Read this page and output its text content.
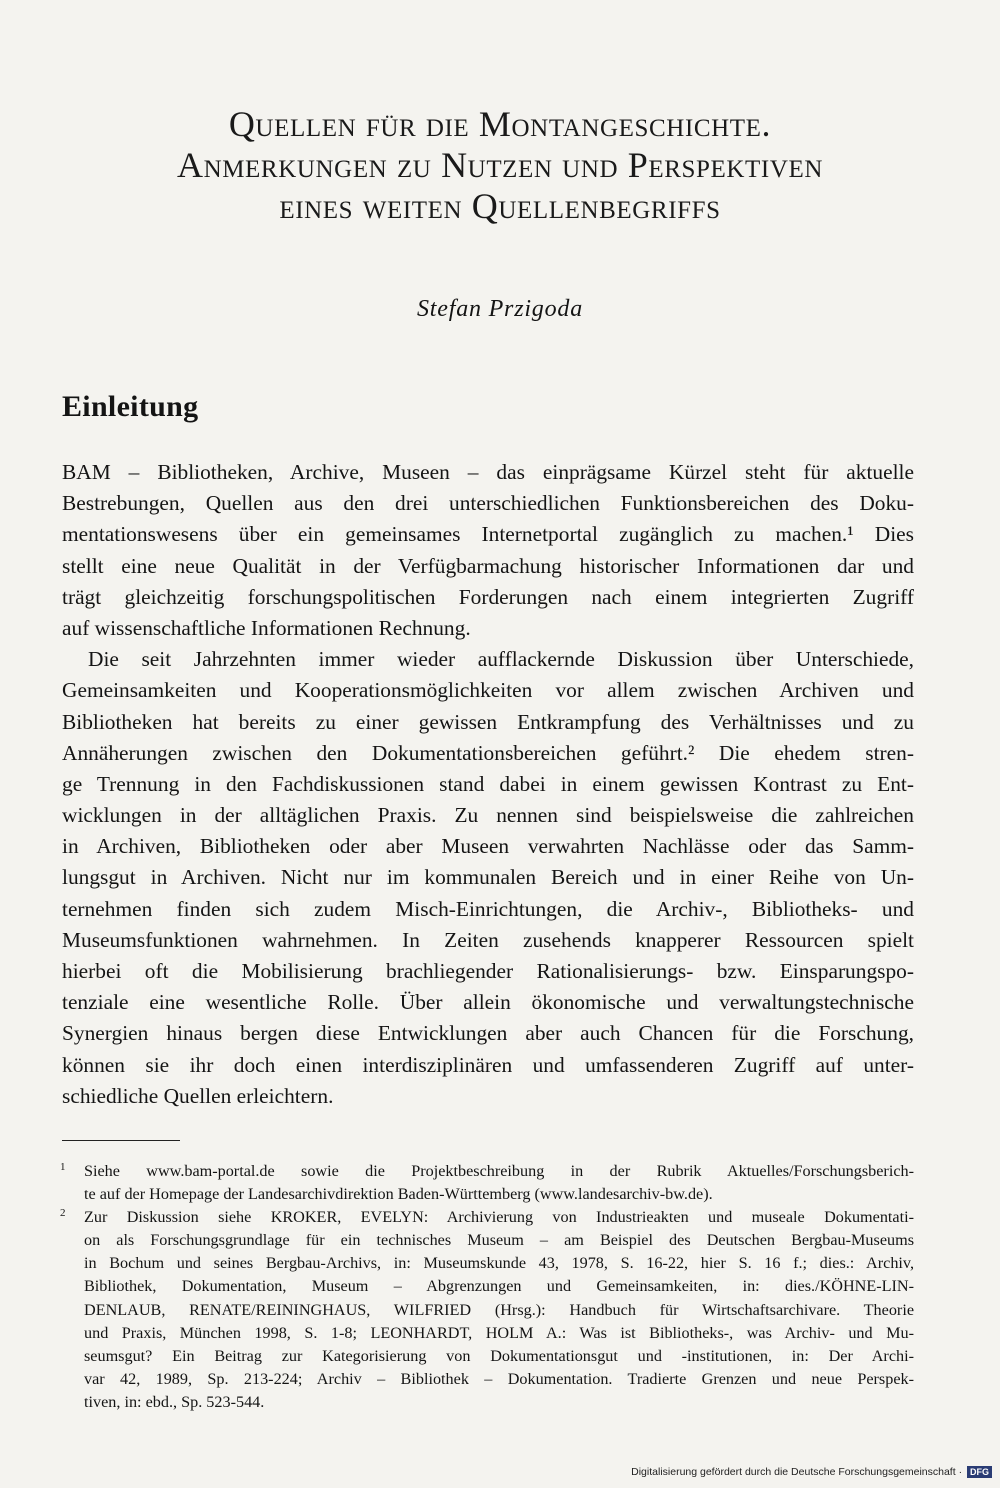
Quellen für die Montangeschichte.
Anmerkungen zu Nutzen und Perspektiven
eines weiten Quellenbegriffs
Stefan Przigoda
Einleitung
BAM – Bibliotheken, Archive, Museen – das einprägsame Kürzel steht für aktuelle
Bestrebungen, Quellen aus den drei unterschiedlichen Funktionsbereichen des Doku-
mentationswesens über ein gemeinsames Internetportal zugänglich zu machen.¹ Dies
stellt eine neue Qualität in der Verfügbarmachung historischer Informationen dar und
trägt gleichzeitig forschungspolitischen Forderungen nach einem integrierten Zugriff
auf wissenschaftliche Informationen Rechnung.
Die seit Jahrzehnten immer wieder aufflackernde Diskussion über Unterschiede,
Gemeinsamkeiten und Kooperationsmöglichkeiten vor allem zwischen Archiven und
Bibliotheken hat bereits zu einer gewissen Entkrampfung des Verhältnisses und zu
Annäherungen zwischen den Dokumentationsbereichen geführt.² Die ehedem stren-
ge Trennung in den Fachdiskussionen stand dabei in einem gewissen Kontrast zu Ent-
wicklungen in der alltäglichen Praxis. Zu nennen sind beispielsweise die zahlreichen
in Archiven, Bibliotheken oder aber Museen verwahrten Nachlässe oder das Samm-
lungsgut in Archiven. Nicht nur im kommunalen Bereich und in einer Reihe von Un-
ternehmen finden sich zudem Misch-Einrichtungen, die Archiv-, Bibliotheks- und
Museumsfunktionen wahrnehmen. In Zeiten zusehends knapperer Ressourcen spielt
hierbei oft die Mobilisierung brachliegender Rationalisierungs- bzw. Einsparungspo-
tenziale eine wesentliche Rolle. Über allein ökonomische und verwaltungstechnische
Synergien hinaus bergen diese Entwicklungen aber auch Chancen für die Forschung,
können sie ihr doch einen interdisziplinären und umfassenderen Zugriff auf unter-
schiedliche Quellen erleichtern.
1 Siehe www.bam-portal.de sowie die Projektbeschreibung in der Rubrik Aktuelles/Forschungsberich-
te auf der Homepage der Landesarchivdirektion Baden-Württemberg (www.landesarchiv-bw.de).
2 Zur Diskussion siehe KROKER, EVELYN: Archivierung von Industrieakten und museale Dokumentati-
on als Forschungsgrundlage für ein technisches Museum – am Beispiel des Deutschen Bergbau-Museums
in Bochum und seines Bergbau-Archivs, in: Museumskunde 43, 1978, S. 16-22, hier S. 16 f.; dies.: Archiv,
Bibliothek, Dokumentation, Museum – Abgrenzungen und Gemeinsamkeiten, in: dies./KÖHNE-LIN-
DENLAUB, RENATE/REININGHAUS, WILFRIED (Hrsg.): Handbuch für Wirtschaftsarchivare. Theorie
und Praxis, München 1998, S. 1-8; LEONHARDT, HOLM A.: Was ist Bibliotheks-, was Archiv- und Mu-
seumsgut? Ein Beitrag zur Kategorisierung von Dokumentationsgut und -institutionen, in: Der Archi-
var 42, 1989, Sp. 213-224; Archiv – Bibliothek – Dokumentation. Tradierte Grenzen und neue Perspek-
tiven, in: ebd., Sp. 523-544.
Digitalisierung gefördert durch die Deutsche Forschungsgemeinschaft · DFG
